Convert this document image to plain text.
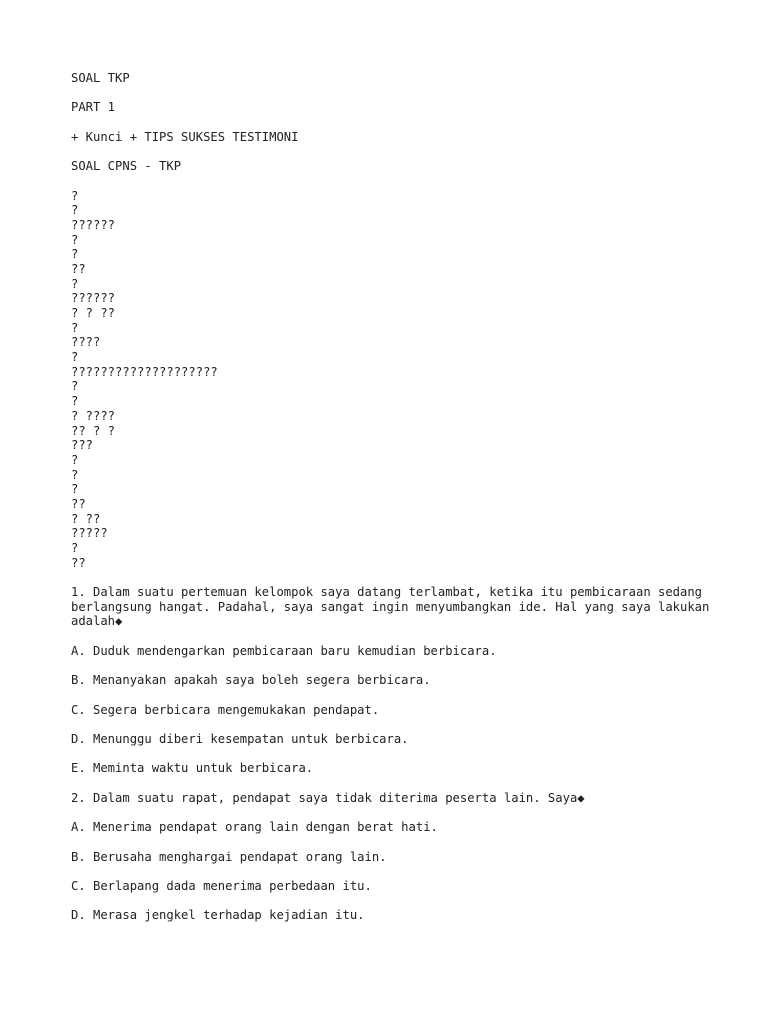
SOAL TKP
PART 1
+ Kunci + TIPS SUKSES TESTIMONI
SOAL CPNS - TKP
?
?
??????
?
?
??
?
??????
? ? ??
?
????
?
????????????????????
?
?
? ????
?? ? ?
???
?
?
?
??
? ??
?????
?
??
1. Dalam suatu pertemuan kelompok saya datang terlambat, ketika itu pembicaraan sedang berlangsung hangat. Padahal, saya sangat ingin menyumbangkan ide. Hal yang saya lakukan adalah◆
A. Duduk mendengarkan pembicaraan baru kemudian berbicara.
B. Menanyakan apakah saya boleh segera berbicara.
C. Segera berbicara mengemukakan pendapat.
D. Menunggu diberi kesempatan untuk berbicara.
E. Meminta waktu untuk berbicara.
2. Dalam suatu rapat, pendapat saya tidak diterima peserta lain. Saya◆
A. Menerima pendapat orang lain dengan berat hati.
B. Berusaha menghargai pendapat orang lain.
C. Berlapang dada menerima perbedaan itu.
D. Merasa jengkel terhadap kejadian itu.
